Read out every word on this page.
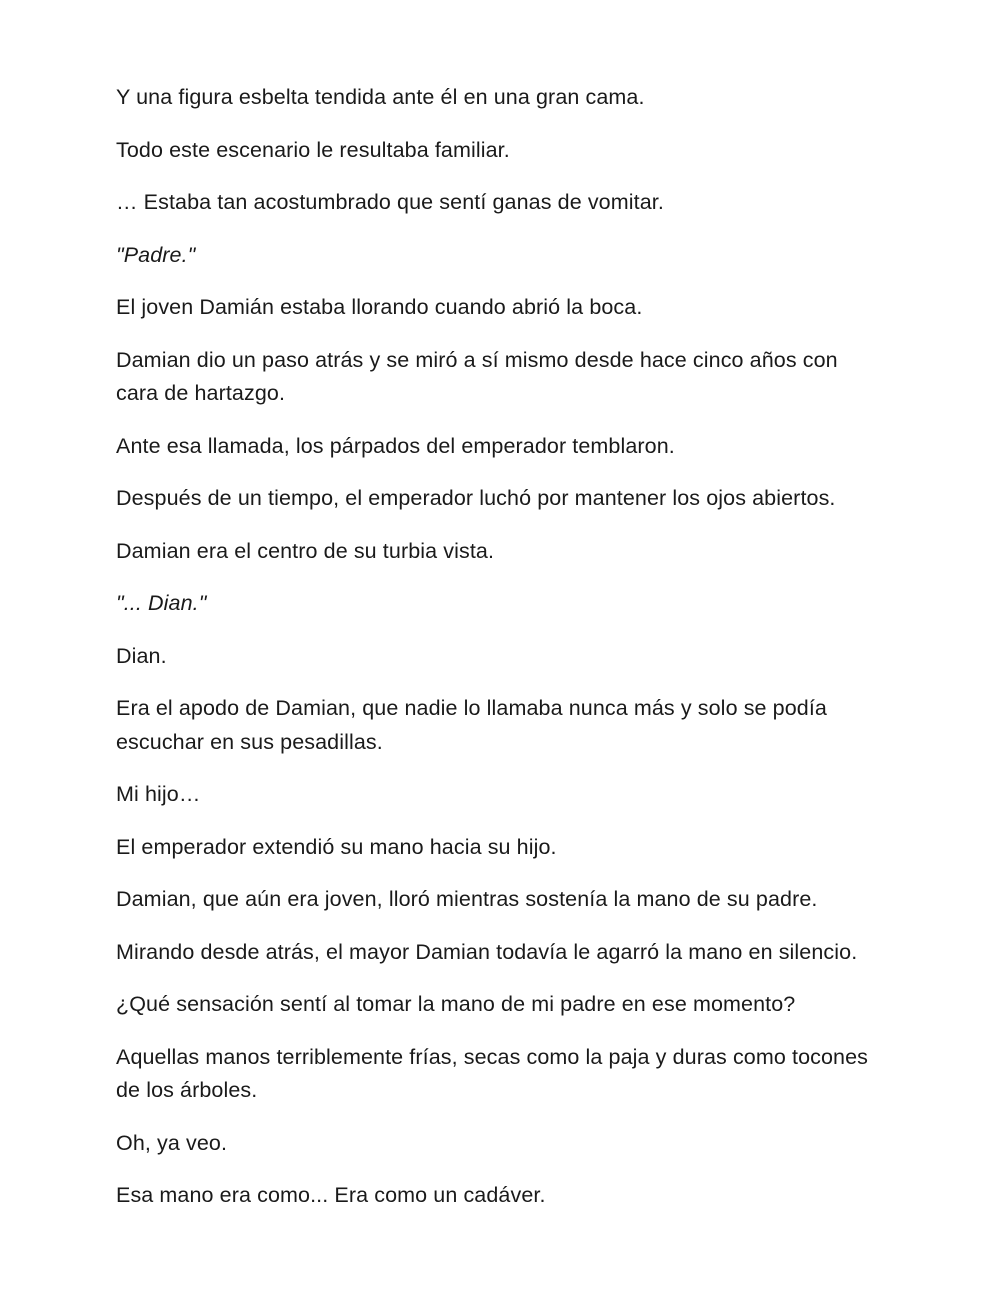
Y una figura esbelta tendida ante él en una gran cama.

Todo este escenario le resultaba familiar.

… Estaba tan acostumbrado que sentí ganas de vomitar.

"Padre."

El joven Damián estaba llorando cuando abrió la boca.

Damian dio un paso atrás y se miró a sí mismo desde hace cinco años con cara de hartazgo.

Ante esa llamada, los párpados del emperador temblaron.

Después de un tiempo, el emperador luchó por mantener los ojos abiertos.

Damian era el centro de su turbia vista.

"... Dian."

Dian.

Era el apodo de Damian, que nadie lo llamaba nunca más y solo se podía escuchar en sus pesadillas.

Mi hijo…

El emperador extendió su mano hacia su hijo.

Damian, que aún era joven, lloró mientras sostenía la mano de su padre.

Mirando desde atrás, el mayor Damian todavía le agarró la mano en silencio.

¿Qué sensación sentí al tomar la mano de mi padre en ese momento?

Aquellas manos terriblemente frías, secas como la paja y duras como tocones de los árboles.

Oh, ya veo.

Esa mano era como... Era como un cadáver.
